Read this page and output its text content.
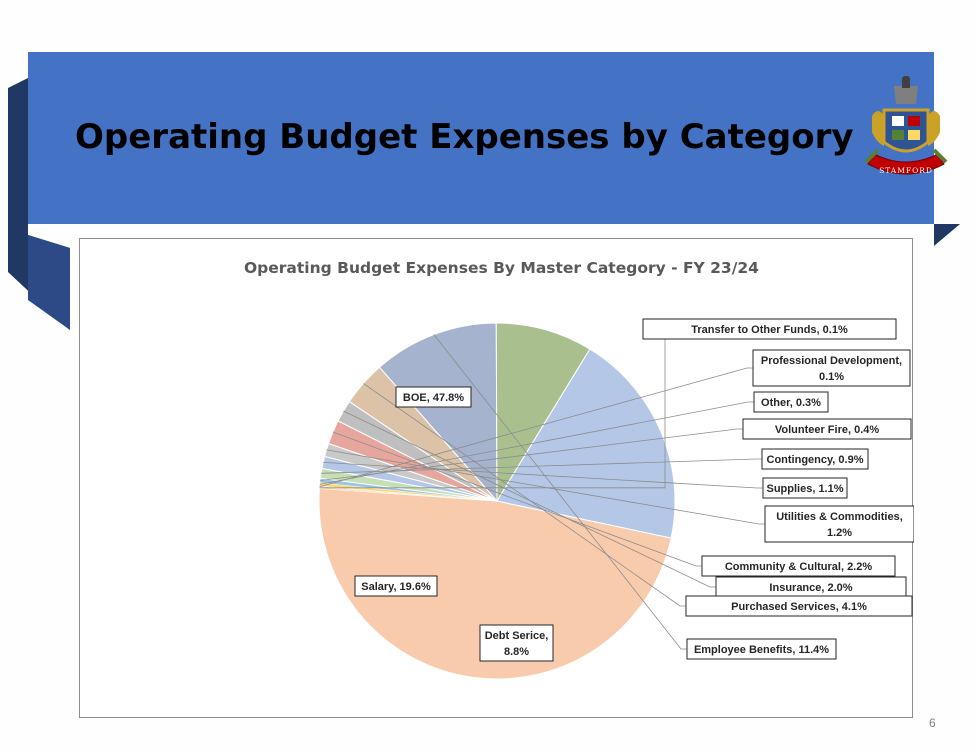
Operating Budget Expenses by Category
STAMFORD
Operating Budget Expenses By Master Category - FY 23/24
BOE, 47.8%
Transfer to Other Funds, 0.1%
Professional Development, 0.1%
Other, 0.3%
Volunteer Fire, 0.4%
Contingency, 0.9%
Supplies, 1.1%
Utilities & Commodities, 1.2%
Community & Cultural, 2.2%
Insurance, 2.0%
Purchased Services, 4.1%
Employee Benefits, 11.4%
Debt Serice, 8.8%
Salary, 19.6%
6
